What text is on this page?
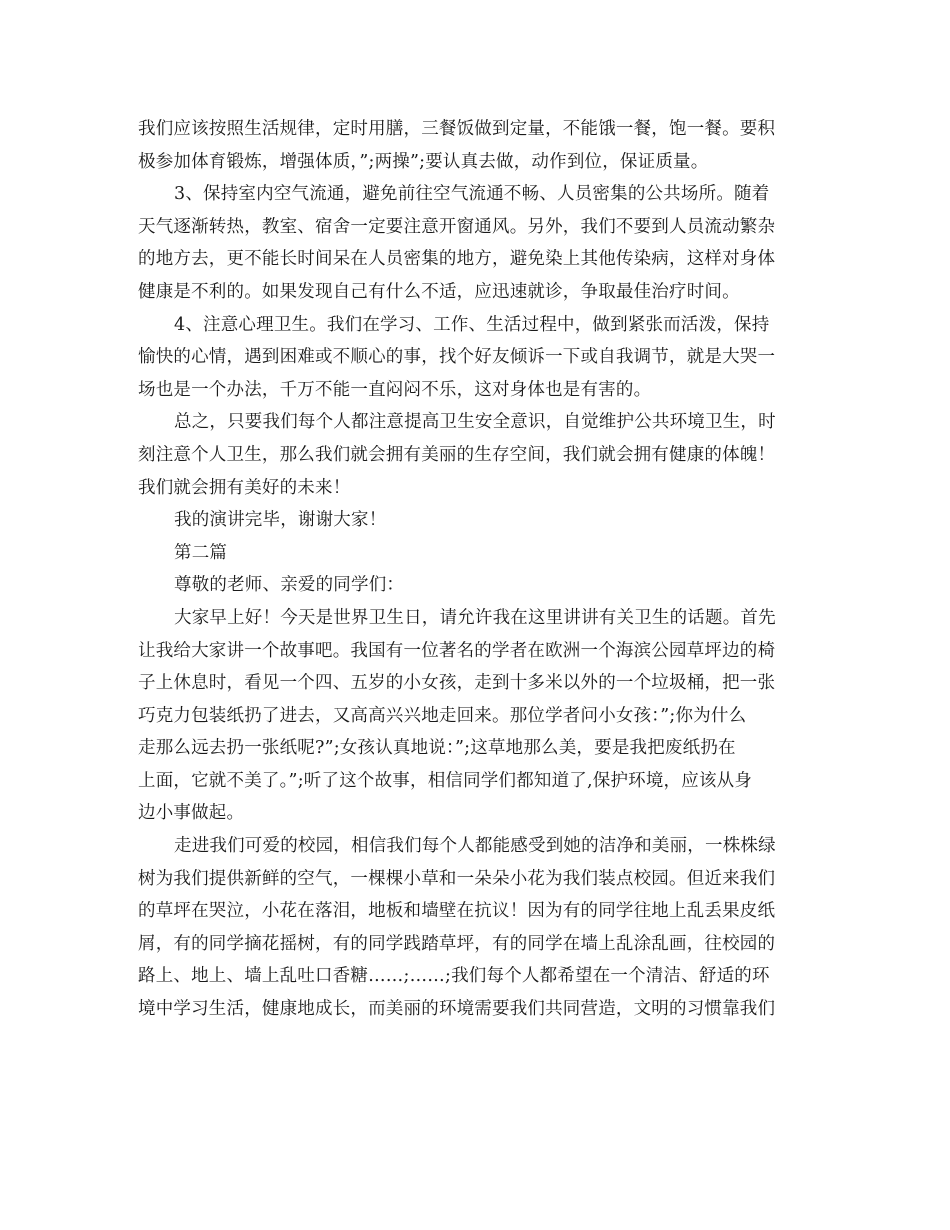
我们应该按照生活规律，定时用膳，三餐饭做到定量，不能饿一餐，饱一餐。要积
极参加体育锻炼，增强体质，”;两操”;要认真去做，动作到位，保证质量。
3、保持室内空气流通，避免前往空气流通不畅、人员密集的公共场所。随着
天气逐渐转热，教室、宿舍一定要注意开窗通风。另外，我们不要到人员流动繁杂
的地方去，更不能长时间呆在人员密集的地方，避免染上其他传染病，这样对身体
健康是不利的。如果发现自己有什么不适，应迅速就诊，争取最佳治疗时间。
4、注意心理卫生。我们在学习、工作、生活过程中，做到紧张而活泼，保持
愉快的心情，遇到困难或不顺心的事，找个好友倾诉一下或自我调节，就是大哭一
场也是一个办法，千万不能一直闷闷不乐，这对身体也是有害的。
总之，只要我们每个人都注意提高卫生安全意识，自觉维护公共环境卫生，时
刻注意个人卫生，那么我们就会拥有美丽的生存空间，我们就会拥有健康的体魄！
我们就会拥有美好的未来！
我的演讲完毕，谢谢大家！
第二篇
尊敬的老师、亲爱的同学们：
大家早上好！今天是世界卫生日，请允许我在这里讲讲有关卫生的话题。首先
让我给大家讲一个故事吧。我国有一位著名的学者在欧洲一个海滨公园草坪边的椅
子上休息时，看见一个四、五岁的小女孩，走到十多米以外的一个垃圾桶，把一张
巧克力包装纸扔了进去，又高高兴兴地走回来。那位学者问小女孩：”;你为什么
走那么远去扔一张纸呢?”;女孩认真地说：”;这草地那么美，要是我把废纸扔在
上面，它就不美了。”;听了这个故事，相信同学们都知道了,保护环境，应该从身
边小事做起。
走进我们可爱的校园，相信我们每个人都能感受到她的洁净和美丽，一株株绿
树为我们提供新鲜的空气，一棵棵小草和一朵朵小花为我们装点校园。但近来我们
的草坪在哭泣，小花在落泪，地板和墙壁在抗议！因为有的同学往地上乱丢果皮纸
屑，有的同学摘花摇树，有的同学践踏草坪，有的同学在墙上乱涂乱画，往校园的
路上、地上、墙上乱吐口香糖……;……;我们每个人都希望在一个清洁、舒适的环
境中学习生活，健康地成长，而美丽的环境需要我们共同营造，文明的习惯靠我们
